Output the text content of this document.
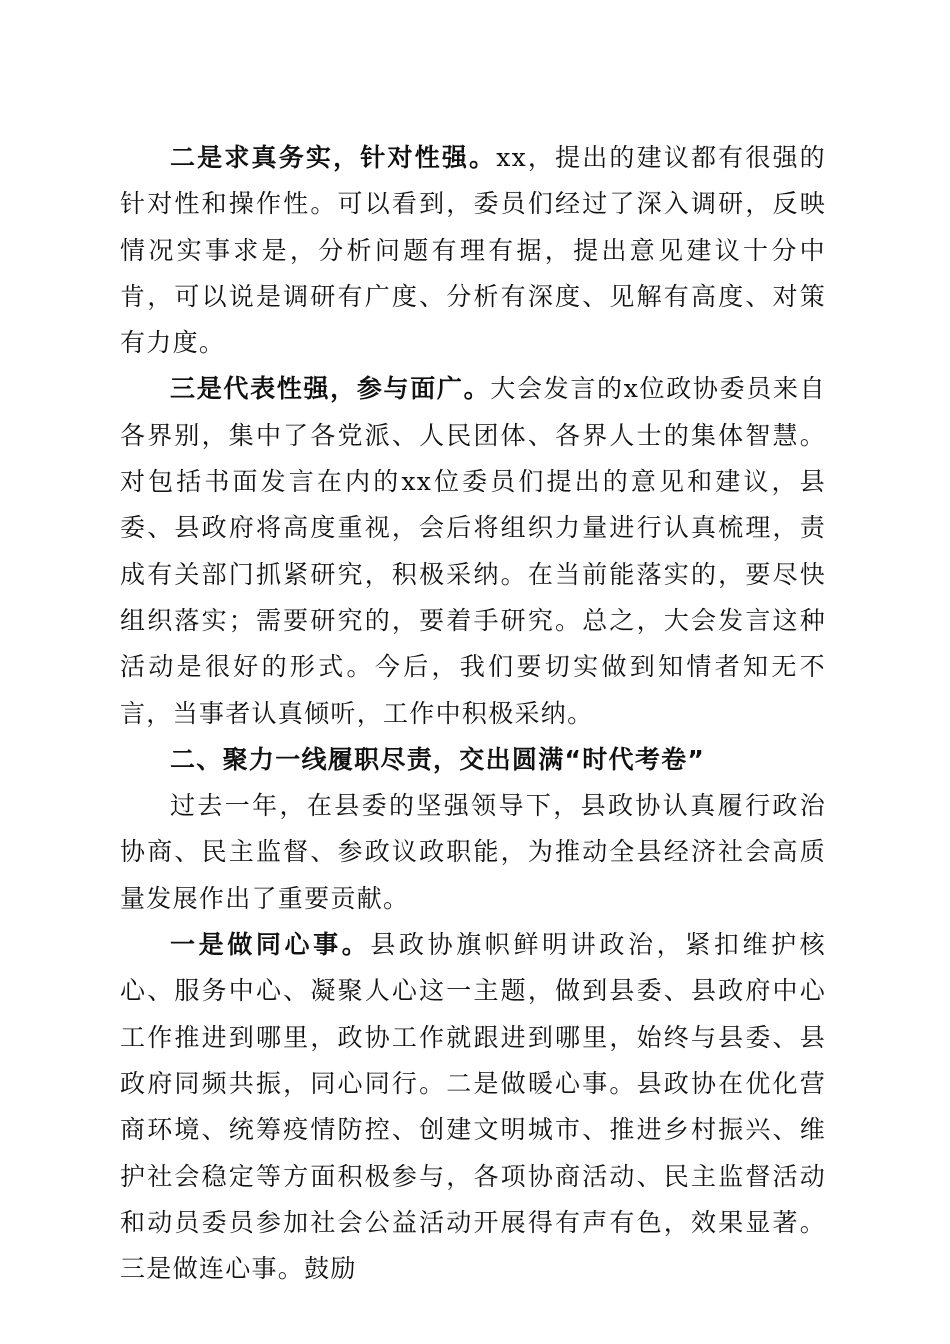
二是求真务实，针对性强。xx，提出的建议都有很强的针对性和操作性。可以看到，委员们经过了深入调研，反映情况实事求是，分析问题有理有据，提出意见建议十分中肯，可以说是调研有广度、分析有深度、见解有高度、对策有力度。

三是代表性强，参与面广。大会发言的x位政协委员来自各界别，集中了各党派、人民团体、各界人士的集体智慧。对包括书面发言在内的xx位委员们提出的意见和建议，县委、县政府将高度重视，会后将组织力量进行认真梳理，责成有关部门抓紧研究，积极采纳。在当前能落实的，要尽快组织落实；需要研究的，要着手研究。总之，大会发言这种活动是很好的形式。今后，我们要切实做到知情者知无不言，当事者认真倾听，工作中积极采纳。

二、聚力一线履职尽责，交出圆满“时代考卷”

过去一年，在县委的坚强领导下，县政协认真履行政治协商、民主监督、参政议政职能，为推动全县经济社会高质量发展作出了重要贡献。

一是做同心事。县政协旗帜鲜明讲政治，紧扣维护核心、服务中心、凝聚人心这一主题，做到县委、县政府中心工作推进到哪里，政协工作就跟进到哪里，始终与县委、县政府同频共振，同心同行。二是做暖心事。县政协在优化营商环境、统筹疫情防控、创建文明城市、推进乡村振兴、维护社会稳定等方面积极参与，各项协商活动、民主监督活动和动员委员参加社会公益活动开展得有声有色，效果显著。三是做连心事。鼓励
